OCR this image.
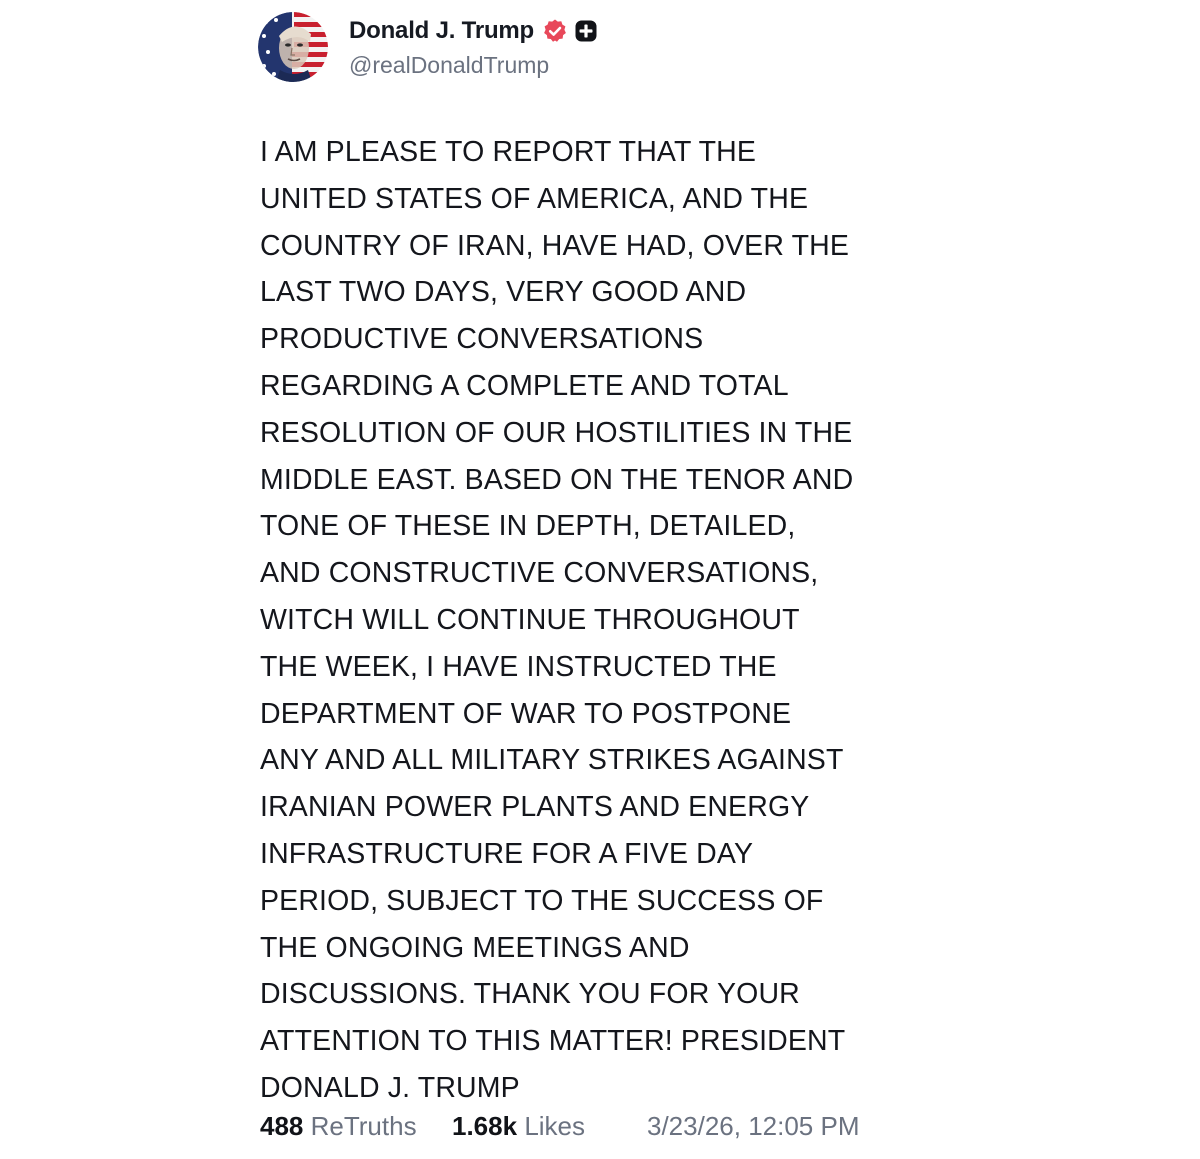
Donald J. Trump
@realDonaldTrump
I AM PLEASE TO REPORT THAT THE
UNITED STATES OF AMERICA, AND THE
COUNTRY OF IRAN, HAVE HAD, OVER THE
LAST TWO DAYS, VERY GOOD AND
PRODUCTIVE CONVERSATIONS
REGARDING A COMPLETE AND TOTAL
RESOLUTION OF OUR HOSTILITIES IN THE
MIDDLE EAST. BASED ON THE TENOR AND
TONE OF THESE IN DEPTH, DETAILED,
AND CONSTRUCTIVE CONVERSATIONS,
WITCH WILL CONTINUE THROUGHOUT
THE WEEK, I HAVE INSTRUCTED THE
DEPARTMENT OF WAR TO POSTPONE
ANY AND ALL MILITARY STRIKES AGAINST
IRANIAN POWER PLANTS AND ENERGY
INFRASTRUCTURE FOR A FIVE DAY
PERIOD, SUBJECT TO THE SUCCESS OF
THE ONGOING MEETINGS AND
DISCUSSIONS. THANK YOU FOR YOUR
ATTENTION TO THIS MATTER! PRESIDENT
DONALD J. TRUMP
488 ReTruths 1.68k Likes 3/23/26, 12:05 PM
